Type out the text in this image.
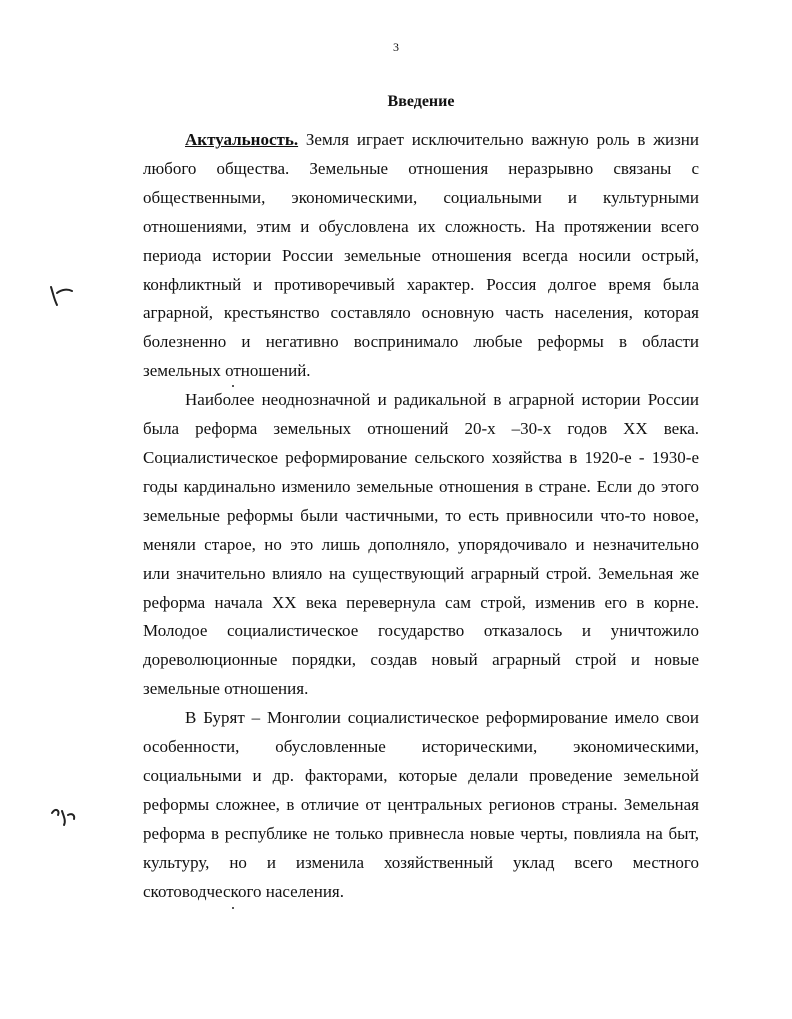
3
Введение
Актуальность. Земля играет исключительно важную роль в жизни
любого общества. Земельные отношения неразрывно связаны с
общественными, экономическими, социальными и культурными
отношениями, этим и обусловлена их сложность. На протяжении всего
периода истории России земельные отношения всегда носили острый,
конфликтный и противоречивый характер. Россия долгое время была
аграрной, крестьянство составляло основную часть населения, которая
болезненно и негативно воспринимало любые реформы в области
земельных отношений.
Наиболее неоднозначной и радикальной в аграрной истории России
была реформа земельных отношений 20-х –30-х годов XX века.
Социалистическое реформирование сельского хозяйства в 1920-е - 1930-е
годы кардинально изменило земельные отношения в стране. Если до этого
земельные реформы были частичными, то есть привносили что-то новое,
меняли старое, но это лишь дополняло, упорядочивало и незначительно
или значительно влияло на существующий аграрный строй. Земельная же
реформа начала XX века перевернула сам строй, изменив его в корне.
Молодое социалистическое государство отказалось и уничтожило
дореволюционные порядки, создав новый аграрный строй и новые
земельные отношения.
В Бурят – Монголии социалистическое реформирование имело свои
особенности, обусловленные историческими, экономическими,
социальными и др. факторами, которые делали проведение земельной
реформы сложнее, в отличие от центральных регионов страны. Земельная
реформа в республике не только привнесла новые черты, повлияла на быт,
культуру, но и изменила хозяйственный уклад всего местного
скотоводческого населения.
